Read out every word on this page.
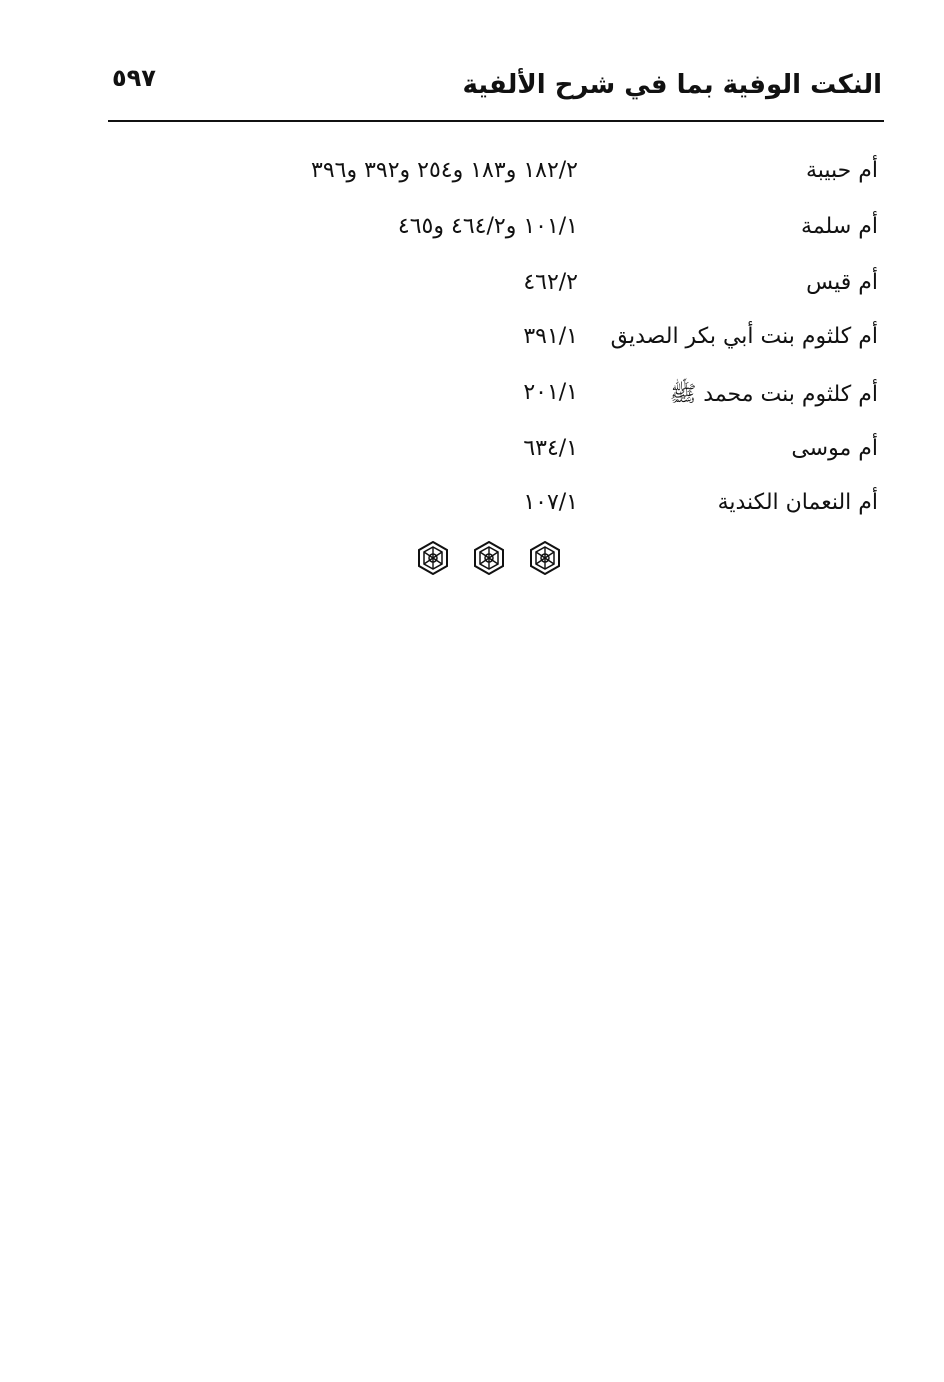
النكت الوفية بما في شرح الألفية
٥٩٧
أم حبيبة
١٨٢/٢ و١٨٣ و٢٥٤ و٣٩٢ و٣٩٦
أم سلمة
١٠١/١ و٤٦٤/٢ و٤٦٥
أم قيس
٤٦٢/٢
أم كلثوم بنت أبي بكر الصديق
٣٩١/١
أم كلثوم بنت محمد ﷺ
٢٠١/١
أم موسى
٦٣٤/١
أم النعمان الكندية
١٠٧/١
